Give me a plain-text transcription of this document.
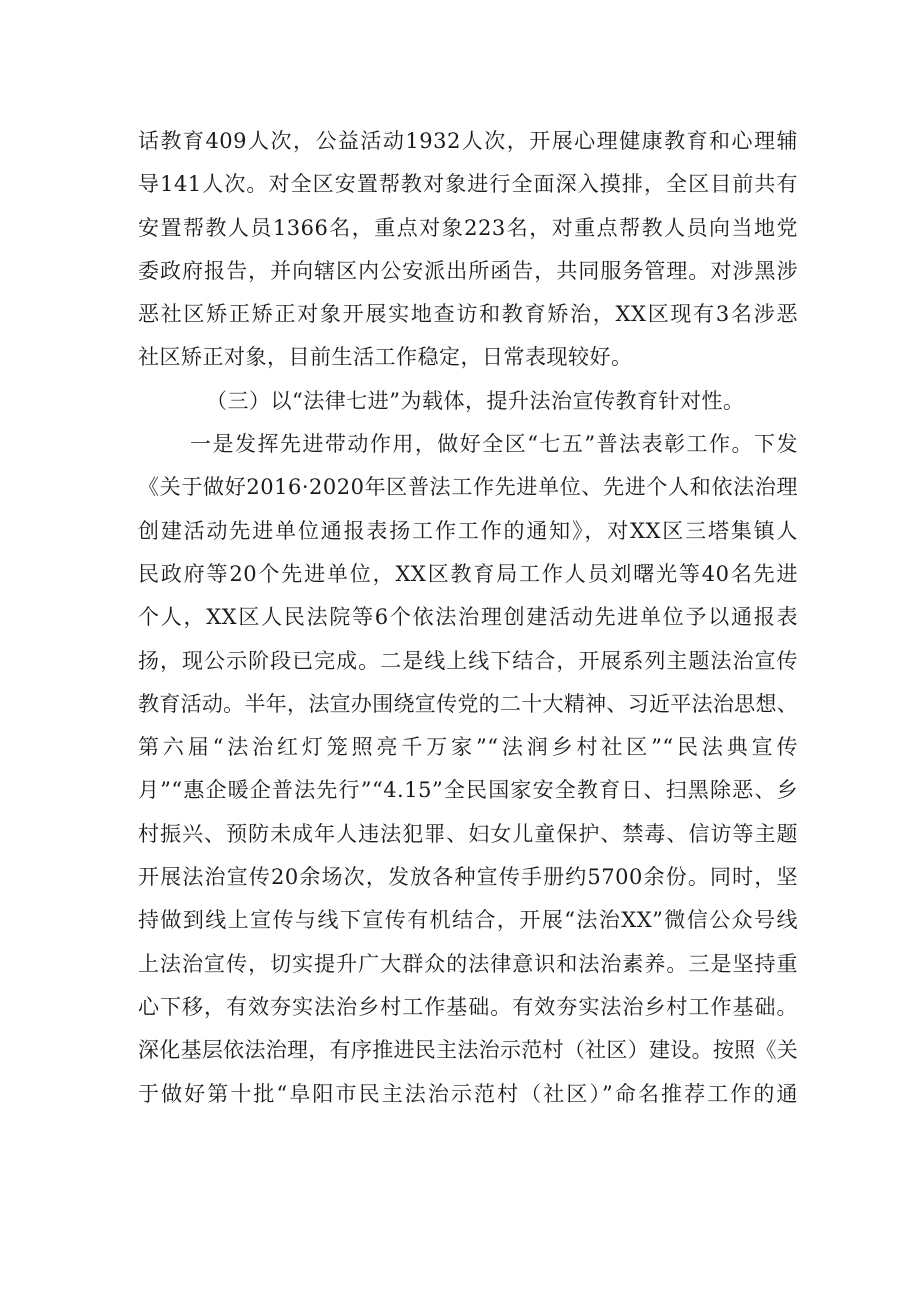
话教育409人次，公益活动1932人次，开展心理健康教育和心理辅
导141人次。对全区安置帮教对象进行全面深入摸排，全区目前共有
安置帮教人员1366名，重点对象223名，对重点帮教人员向当地党
委政府报告，并向辖区内公安派出所函告，共同服务管理。对涉黑涉
恶社区矫正矫正对象开展实地查访和教育矫治，XX区现有3名涉恶
社区矫正对象，目前生活工作稳定，日常表现较好。
（三）以“法律七进”为载体，提升法治宣传教育针对性。
一是发挥先进带动作用，做好全区“七五”普法表彰工作。下发
《关于做好2016·2020年区普法工作先进单位、先进个人和依法治理
创建活动先进单位通报表扬工作工作的通知》，对XX区三塔集镇人
民政府等20个先进单位，XX区教育局工作人员刘曙光等40名先进
个人，XX区人民法院等6个依法治理创建活动先进单位予以通报表
扬，现公示阶段已完成。二是线上线下结合，开展系列主题法治宣传
教育活动。半年，法宣办围绕宣传党的二十大精神、习近平法治思想、
第六届“法治红灯笼照亮千万家”“法润乡村社区”“民法典宣传
月”“惠企暖企普法先行”“4.15”全民国家安全教育日、扫黑除恶、乡
村振兴、预防未成年人违法犯罪、妇女儿童保护、禁毒、信访等主题
开展法治宣传20余场次，发放各种宣传手册约5700余份。同时，坚
持做到线上宣传与线下宣传有机结合，开展“法治XX”微信公众号线
上法治宣传，切实提升广大群众的法律意识和法治素养。三是坚持重
心下移，有效夯实法治乡村工作基础。有效夯实法治乡村工作基础。
深化基层依法治理，有序推进民主法治示范村（社区）建设。按照《关
于做好第十批“阜阳市民主法治示范村（社区）”命名推荐工作的通
